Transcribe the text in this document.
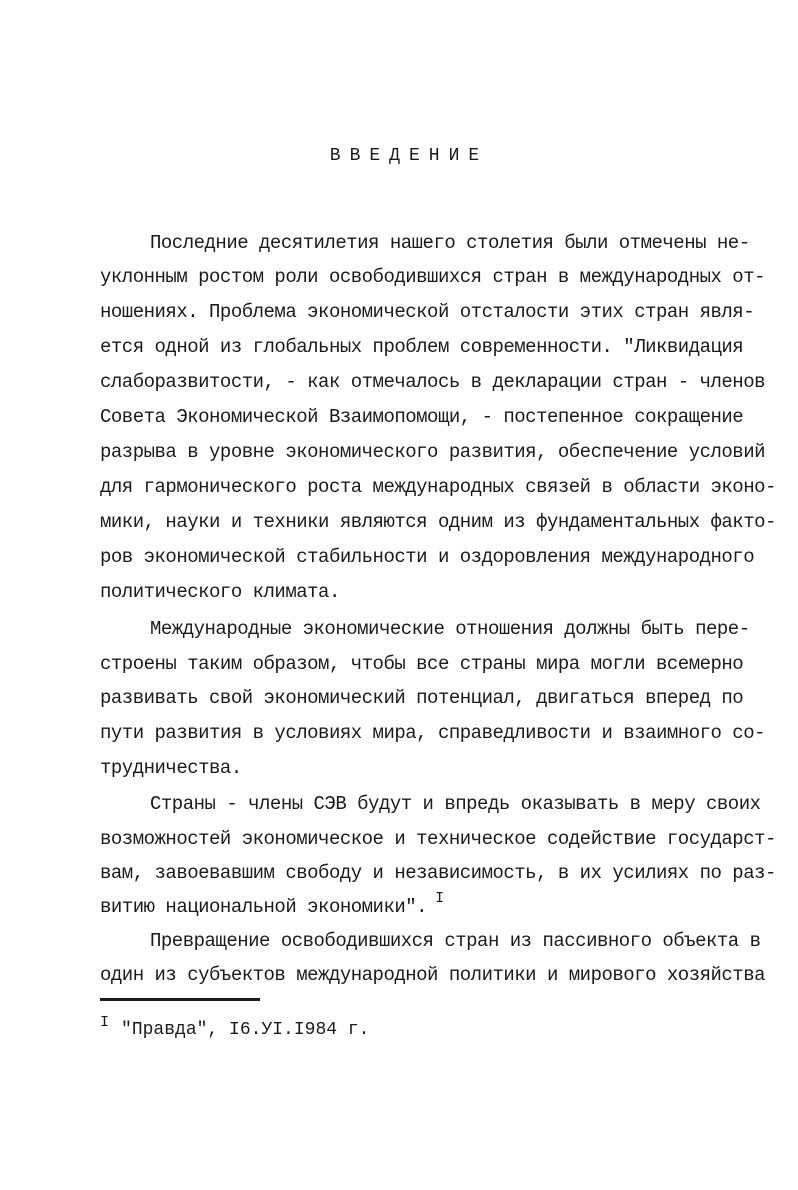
ВВЕДЕНИЕ
Последние десятилетия нашего столетия были отмечены не-
уклонным ростом роли освободившихся стран в международных от-
ношениях. Проблема экономической отсталости этих стран явля-
ется одной из глобальных проблем современности. "Ликвидация
слаборазвитости, - как отмечалось в декларации стран - членов
Совета Экономической Взаимопомощи, - постепенное сокращение
разрыва в уровне экономического развития, обеспечение условий
для гармонического роста международных связей в области эконо-
мики, науки и техники являются одним из фундаментальных факто-
ров экономической стабильности и оздоровления международного
политического климата.
Международные экономические отношения должны быть пере-
строены таким образом, чтобы все страны мира могли всемерно
развивать свой экономический потенциал, двигаться вперед по
пути развития в условиях мира, справедливости и взаимного со-
трудничества.
Страны - члены СЭВ будут и впредь оказывать в меру своих
возможностей экономическое и техническое содействие государст-
вам, завоевавшим свободу и независимость, в их усилиях по раз-
витию национальной экономики". $^I$
Превращение освободившихся стран из пассивного объекта в
один из субъектов международной политики и мирового хозяйства
$^I$ "Правда", I6.УI.I984 г.
